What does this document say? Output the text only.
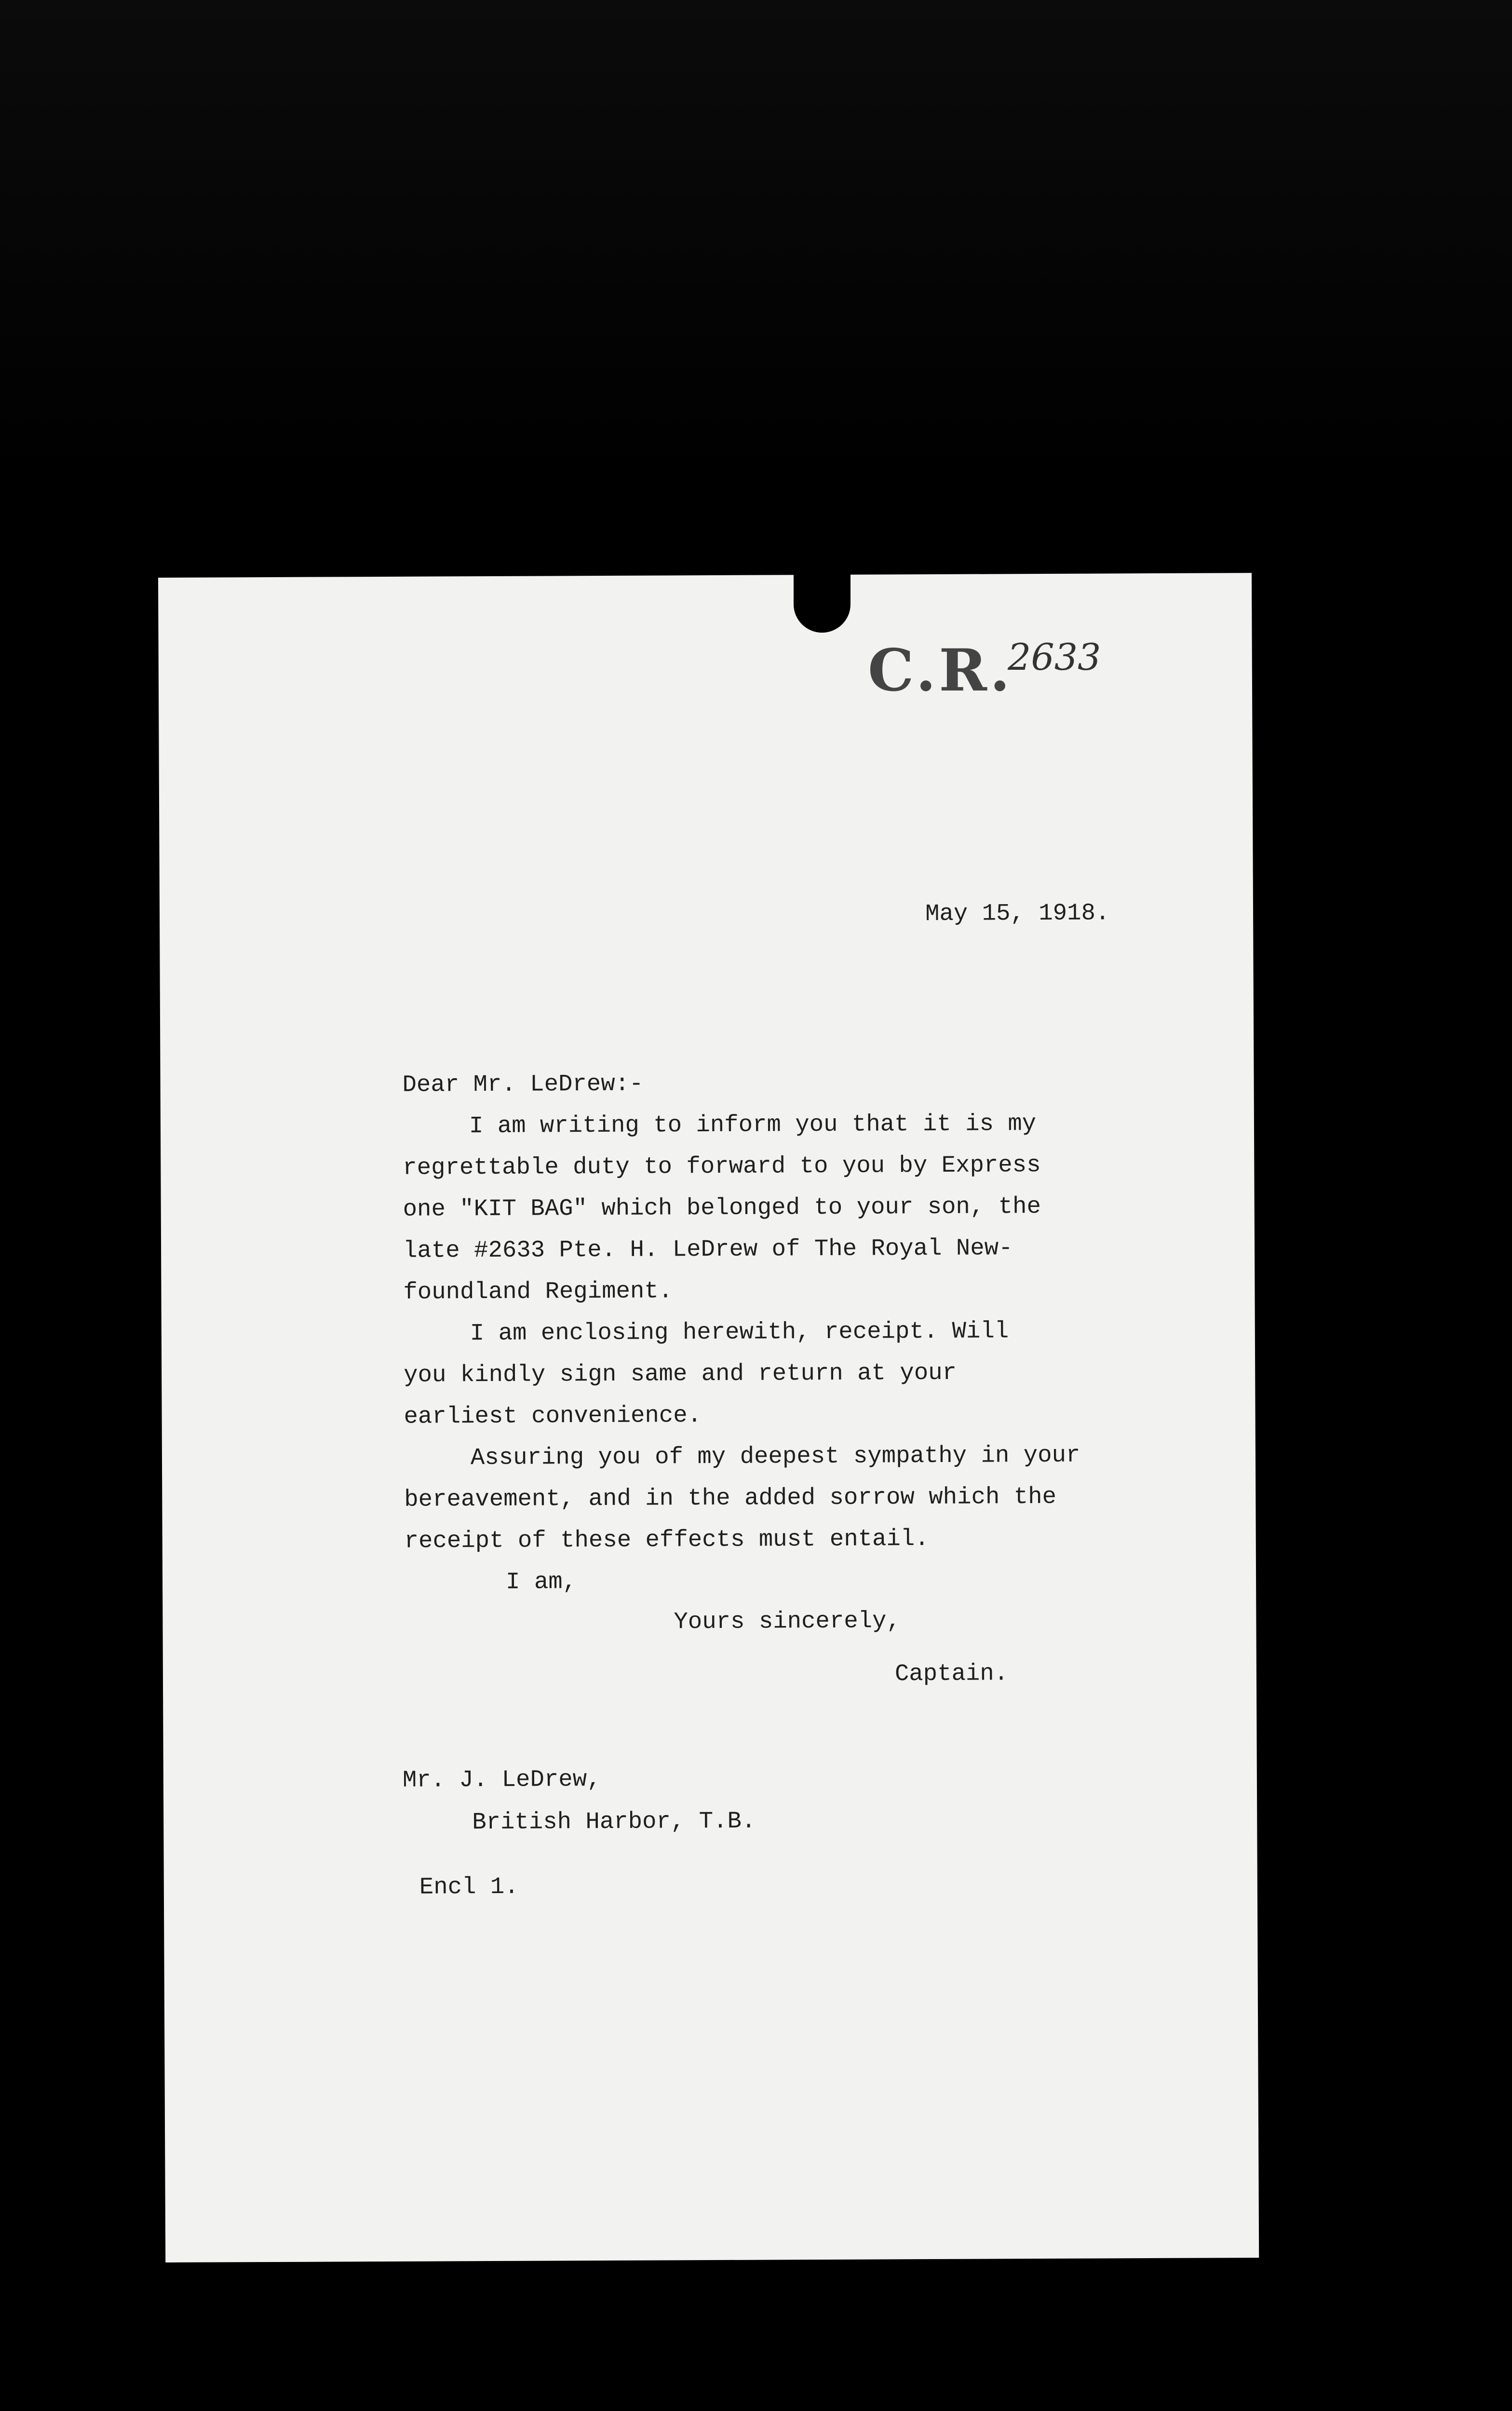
May 15, 1918.
Dear Mr. LeDrew:-
I am writing to inform you that it is my
regrettable duty to forward to you by Express
one "KIT BAG" which belonged to your son, the
late #2633 Pte. H. LeDrew of The Royal New-
foundland Regiment.
I am enclosing herewith, receipt. Will
you kindly sign same and return at your
earliest convenience.
Assuring you of my deepest sympathy in your
bereavement, and in the added sorrow which the
receipt of these effects must entail.
I am,
Yours sincerely,
Captain.
Mr. J. LeDrew,
British Harbor, T.B.
Encl 1.
C.R.
2633
